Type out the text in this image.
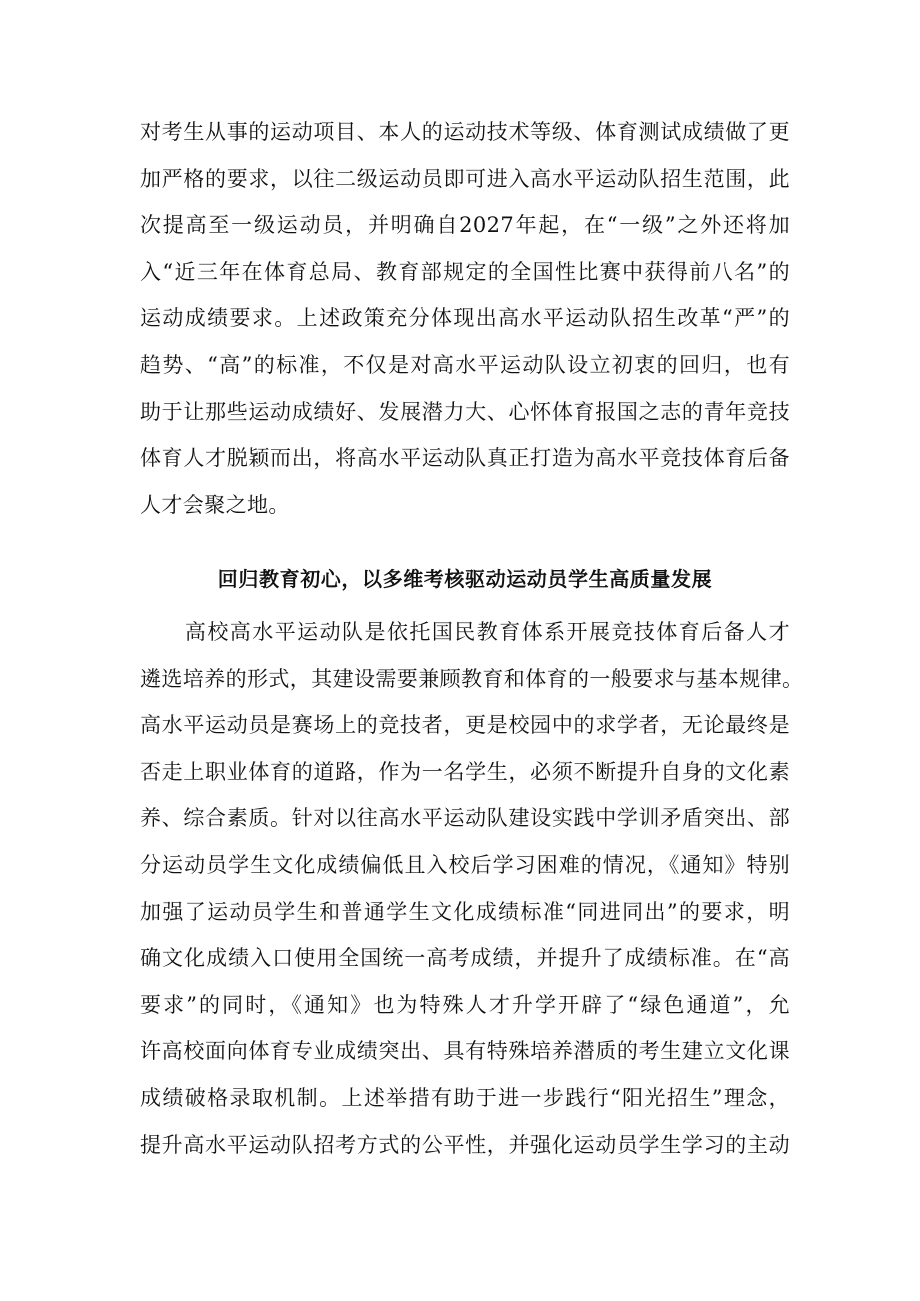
对考生从事的运动项目、本人的运动技术等级、体育测试成绩做了更
加严格的要求，以往二级运动员即可进入高水平运动队招生范围，此
次提高至一级运动员，并明确自2027年起，在“一级”之外还将加
入“近三年在体育总局、教育部规定的全国性比赛中获得前八名”的
运动成绩要求。上述政策充分体现出高水平运动队招生改革“严”的
趋势、“高”的标准，不仅是对高水平运动队设立初衷的回归，也有
助于让那些运动成绩好、发展潜力大、心怀体育报国之志的青年竞技
体育人才脱颖而出，将高水平运动队真正打造为高水平竞技体育后备
人才会聚之地。
回归教育初心，以多维考核驱动运动员学生高质量发展
　　高校高水平运动队是依托国民教育体系开展竞技体育后备人才
遴选培养的形式，其建设需要兼顾教育和体育的一般要求与基本规律。
高水平运动员是赛场上的竞技者，更是校园中的求学者，无论最终是
否走上职业体育的道路，作为一名学生，必须不断提升自身的文化素
养、综合素质。针对以往高水平运动队建设实践中学训矛盾突出、部
分运动员学生文化成绩偏低且入校后学习困难的情况，《通知》特别
加强了运动员学生和普通学生文化成绩标准“同进同出”的要求，明
确文化成绩入口使用全国统一高考成绩，并提升了成绩标准。在“高
要求”的同时，《通知》也为特殊人才升学开辟了“绿色通道”，允
许高校面向体育专业成绩突出、具有特殊培养潜质的考生建立文化课
成绩破格录取机制。上述举措有助于进一步践行“阳光招生”理念，
提升高水平运动队招考方式的公平性，并强化运动员学生学习的主动
